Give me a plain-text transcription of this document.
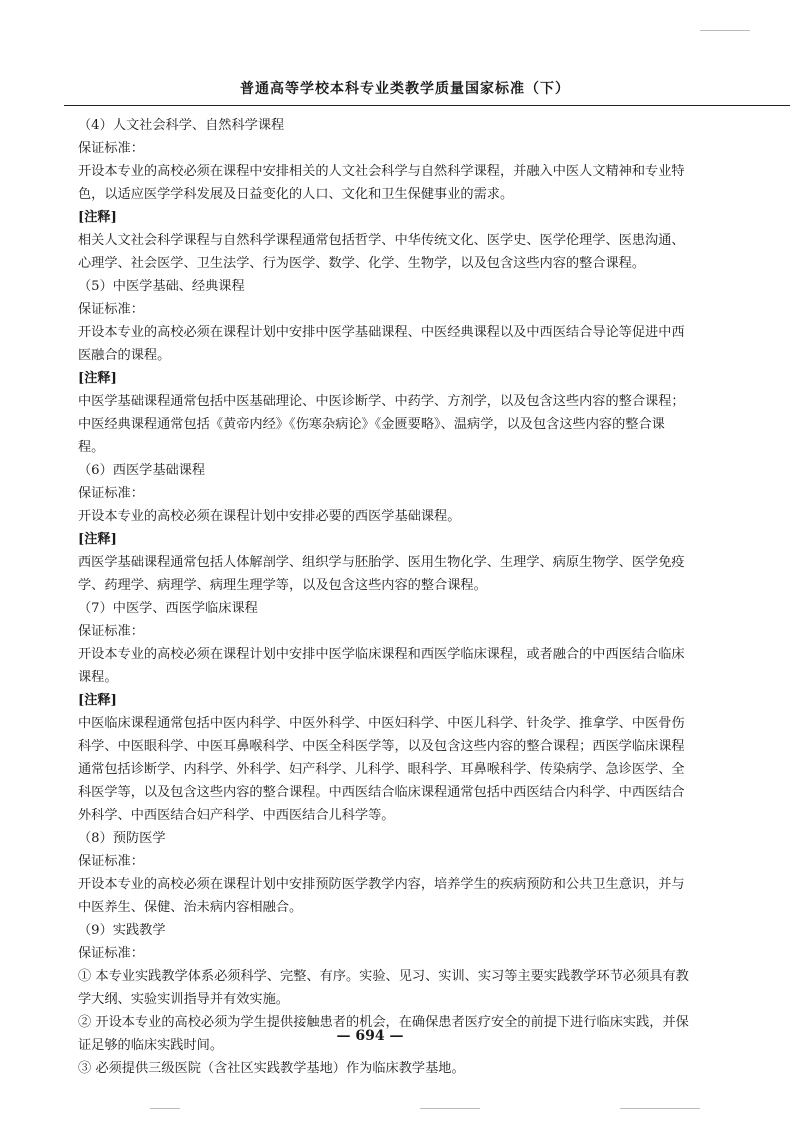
普通高等学校本科专业类教学质量国家标准（下）

（4）人文社会科学、自然科学课程

保证标准：

开设本专业的高校必须在课程中安排相关的人文社会科学与自然科学课程，并融入中医人文精神和专业特色，以适应医学学科发展及日益变化的人口、文化和卫生保健事业的需求。

[注释]

相关人文社会科学课程与自然科学课程通常包括哲学、中华传统文化、医学史、医学伦理学、医患沟通、心理学、社会医学、卫生法学、行为医学、数学、化学、生物学，以及包含这些内容的整合课程。

（5）中医学基础、经典课程

保证标准：

开设本专业的高校必须在课程计划中安排中医学基础课程、中医经典课程以及中西医结合导论等促进中西医融合的课程。

[注释]

中医学基础课程通常包括中医基础理论、中医诊断学、中药学、方剂学，以及包含这些内容的整合课程；中医经典课程通常包括《黄帝内经》《伤寒杂病论》《金匮要略》、温病学，以及包含这些内容的整合课程。

（6）西医学基础课程

保证标准：

开设本专业的高校必须在课程计划中安排必要的西医学基础课程。

[注释]

西医学基础课程通常包括人体解剖学、组织学与胚胎学、医用生物化学、生理学、病原生物学、医学免疫学、药理学、病理学、病理生理学等，以及包含这些内容的整合课程。

（7）中医学、西医学临床课程

保证标准：

开设本专业的高校必须在课程计划中安排中医学临床课程和西医学临床课程，或者融合的中西医结合临床课程。

[注释]

中医临床课程通常包括中医内科学、中医外科学、中医妇科学、中医儿科学、针灸学、推拿学、中医骨伤科学、中医眼科学、中医耳鼻喉科学、中医全科医学等，以及包含这些内容的整合课程；西医学临床课程通常包括诊断学、内科学、外科学、妇产科学、儿科学、眼科学、耳鼻喉科学、传染病学、急诊医学、全科医学等，以及包含这些内容的整合课程。中西医结合临床课程通常包括中西医结合内科学、中西医结合外科学、中西医结合妇产科学、中西医结合儿科学等。

（8）预防医学

保证标准：

开设本专业的高校必须在课程计划中安排预防医学教学内容，培养学生的疾病预防和公共卫生意识，并与中医养生、保健、治未病内容相融合。

（9）实践教学

保证标准：

① 本专业实践教学体系必须科学、完整、有序。实验、见习、实训、实习等主要实践教学环节必须具有教学大纲、实验实训指导并有效实施。

② 开设本专业的高校必须为学生提供接触患者的机会，在确保患者医疗安全的前提下进行临床实践，并保证足够的临床实践时间。

③ 必须提供三级医院（含社区实践教学基地）作为临床教学基地。

— 694 —
